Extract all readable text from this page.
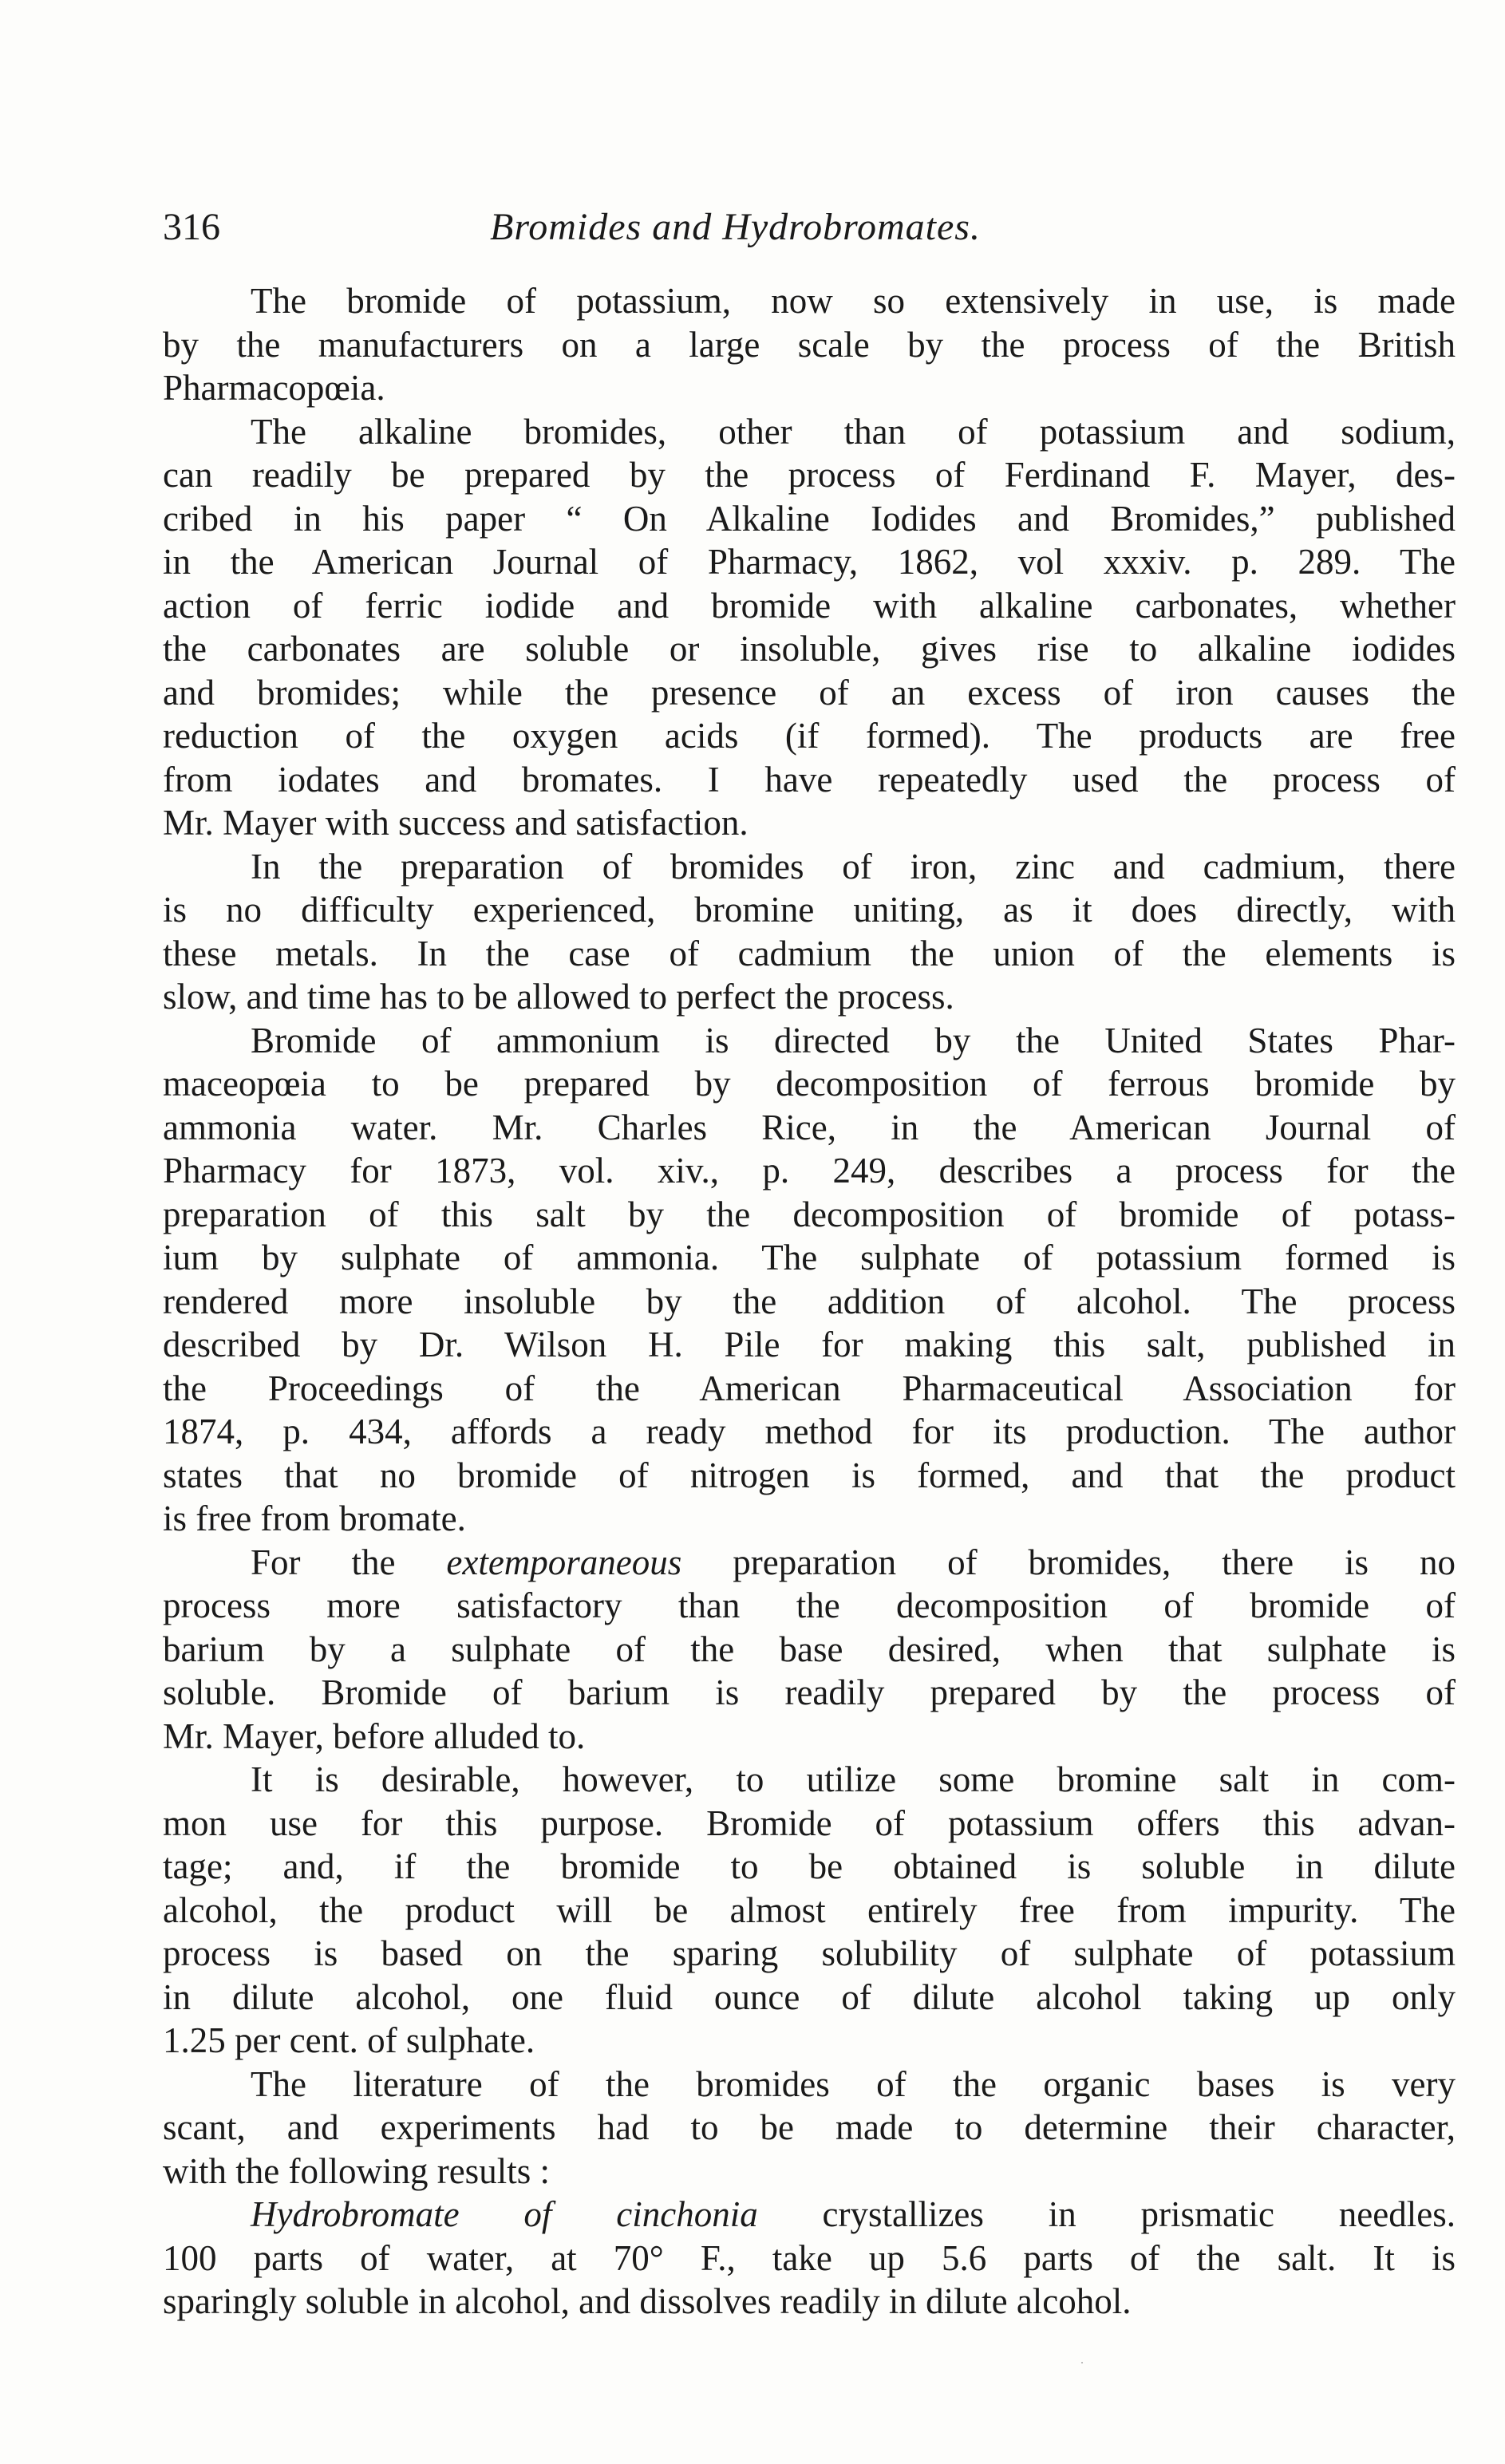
316	Bromides and Hydrobromates.
The bromide of potassium, now so extensively in use, is made
by the manufacturers on a large scale by the process of the British
Pharmacopœia.
The alkaline bromides, other than of potassium and sodium,
can readily be prepared by the process of Ferdinand F. Mayer, des-
cribed in his paper “ On Alkaline Iodides and Bromides,” published
in the American Journal of Pharmacy, 1862, vol xxxiv. p. 289. The
action of ferric iodide and bromide with alkaline carbonates, whether
the carbonates are soluble or insoluble, gives rise to alkaline iodides
and bromides; while the presence of an excess of iron causes the
reduction of the oxygen acids (if formed). The products are free
from iodates and bromates. I have repeatedly used the process of
Mr. Mayer with success and satisfaction.
In the preparation of bromides of iron, zinc and cadmium, there
is no difficulty experienced, bromine uniting, as it does directly, with
these metals. In the case of cadmium the union of the elements is
slow, and time has to be allowed to perfect the process.
Bromide of ammonium is directed by the United States Phar-
maceopœia to be prepared by decomposition of ferrous bromide by
ammonia water. Mr. Charles Rice, in the American Journal of
Pharmacy for 1873, vol. xiv., p. 249, describes a process for the
preparation of this salt by the decomposition of bromide of potass-
ium by sulphate of ammonia. The sulphate of potassium formed is
rendered more insoluble by the addition of alcohol. The process
described by Dr. Wilson H. Pile for making this salt, published in
the Proceedings of the American Pharmaceutical Association for
1874, p. 434, affords a ready method for its production. The author
states that no bromide of nitrogen is formed, and that the product
is free from bromate.
For the extemporaneous preparation of bromides, there is no
process more satisfactory than the decomposition of bromide of
barium by a sulphate of the base desired, when that sulphate is
soluble. Bromide of barium is readily prepared by the process of
Mr. Mayer, before alluded to.
It is desirable, however, to utilize some bromine salt in com-
mon use for this purpose. Bromide of potassium offers this advan-
tage; and, if the bromide to be obtained is soluble in dilute
alcohol, the product will be almost entirely free from impurity. The
process is based on the sparing solubility of sulphate of potassium
in dilute alcohol, one fluid ounce of dilute alcohol taking up only
1.25 per cent. of sulphate.
The literature of the bromides of the organic bases is very
scant, and experiments had to be made to determine their character,
with the following results :
Hydrobromate of cinchonia crystallizes in prismatic needles.
100 parts of water, at 70° F., take up 5.6 parts of the salt. It is
sparingly soluble in alcohol, and dissolves readily in dilute alcohol.
